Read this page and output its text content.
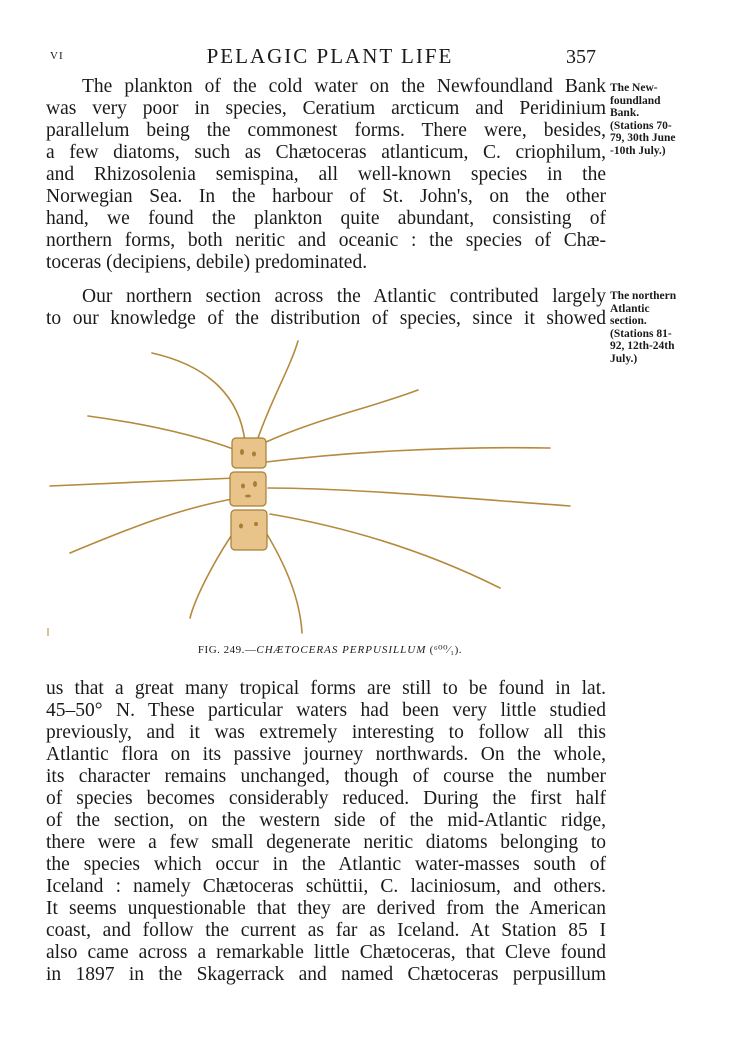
VI	PELAGIC PLANT LIFE	357
The plankton of the cold water on the Newfoundland Bank
was very poor in species, Ceratium arcticum and Peridinium
parallelum being the commonest forms. There were, besides,
a few diatoms, such as Chætoceras atlanticum, C. criophilum,
and Rhizosolenia semispina, all well-known species in the
Norwegian Sea. In the harbour of St. John's, on the other
hand, we found the plankton quite abundant, consisting of
northern forms, both neritic and oceanic : the species of Chæ-
toceras (decipiens, debile) predominated.
The New-
foundland
Bank.
(Stations 70-
79, 30th June
-10th July.)
Our northern section across the Atlantic contributed largely
to our knowledge of the distribution of species, since it showed
The northern
Atlantic
section.
(Stations 81-
92, 12th-24th
July.)
FIG. 249.—CHÆTOCERAS PERPUSILLUM (⁶⁰⁰⁄₁).
us that a great many tropical forms are still to be found in lat.
45–50° N. These particular waters had been very little studied
previously, and it was extremely interesting to follow all this
Atlantic flora on its passive journey northwards. On the whole,
its character remains unchanged, though of course the number
of species becomes considerably reduced. During the first half
of the section, on the western side of the mid-Atlantic ridge,
there were a few small degenerate neritic diatoms belonging to
the species which occur in the Atlantic water-masses south of
Iceland : namely Chætoceras schüttii, C. laciniosum, and others.
It seems unquestionable that they are derived from the American
coast, and follow the current as far as Iceland. At Station 85 I
also came across a remarkable little Chætoceras, that Cleve found
in 1897 in the Skagerrack and named Chætoceras perpusillum
